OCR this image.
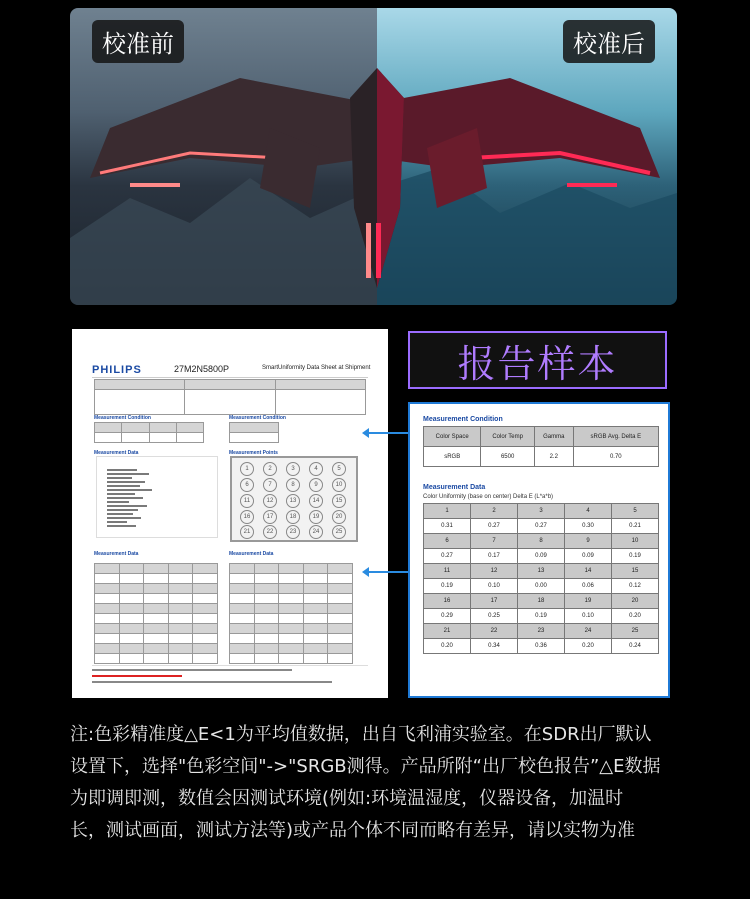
校准前	校准后
PHILIPS	27M2N5800P	SmartUniformity Data Sheet at Shipment

Measurement Condition

				Measurement Condition

Measurement Data	Measurement Points
1	2	3	4	5
6	7	8	9	10
11	12	13	14	15
16	17	18	19	20
21	22	23	24	25
Measurement Data

					Measurement Data

报告样本
Measurement Condition
Color Space	Color Temp	Gamma	sRGB Avg. Delta E
sRGB	6500	2.2	0.70
Measurement Data
Color Uniformity (base on center) Delta E (L*a*b)
1	2	3	4	5
0.31	0.27	0.27	0.30	0.21
6	7	8	9	10
0.27	0.17	0.09	0.09	0.19
11	12	13	14	15
0.19	0.10	0.00	0.06	0.12
16	17	18	19	20
0.29	0.25	0.19	0.10	0.20
21	22	23	24	25
0.20	0.34	0.36	0.20	0.24
注:色彩精准度△E<1为平均值数据，出自飞利浦实验室。在SDR出厂默认
设置下，选择"色彩空间"->"SRGB测得。产品所附“出厂校色报告”△E数据
为即调即测，数值会因测试环境(例如:环境温湿度，仪器设备，加温时
长，测试画面，测试方法等)或产品个体不同而略有差异，请以实物为准
